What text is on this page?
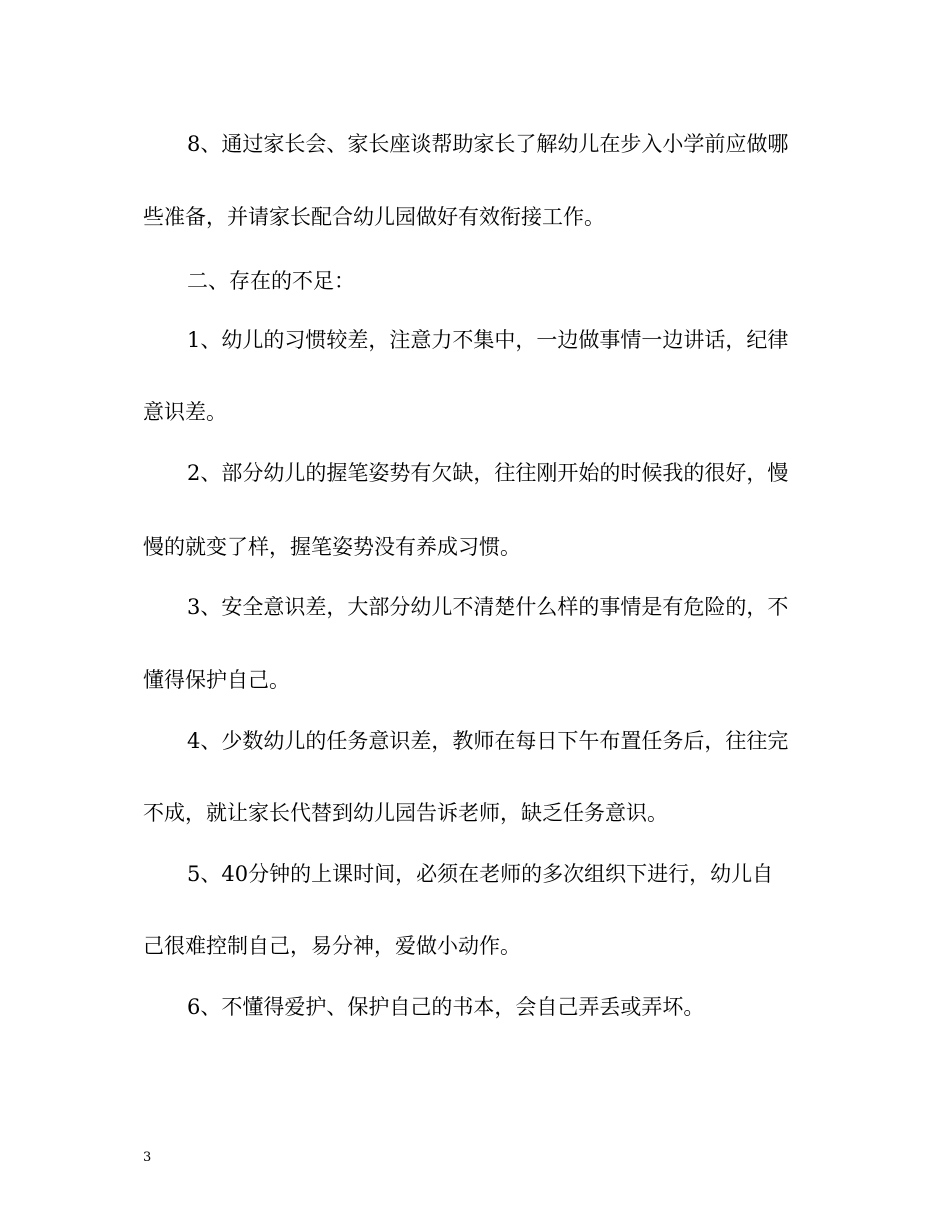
8、通过家长会、家长座谈帮助家长了解幼儿在步入小学前应做哪
些准备，并请家长配合幼儿园做好有效衔接工作。
二、存在的不足：
1、幼儿的习惯较差，注意力不集中，一边做事情一边讲话，纪律
意识差。
2、部分幼儿的握笔姿势有欠缺，往往刚开始的时候我的很好，慢
慢的就变了样，握笔姿势没有养成习惯。
3、安全意识差，大部分幼儿不清楚什么样的事情是有危险的，不
懂得保护自己。
4、少数幼儿的任务意识差，教师在每日下午布置任务后，往往完
不成，就让家长代替到幼儿园告诉老师，缺乏任务意识。
5、40分钟的上课时间，必须在老师的多次组织下进行，幼儿自
己很难控制自己，易分神，爱做小动作。
6、不懂得爱护、保护自己的书本，会自己弄丢或弄坏。
3
